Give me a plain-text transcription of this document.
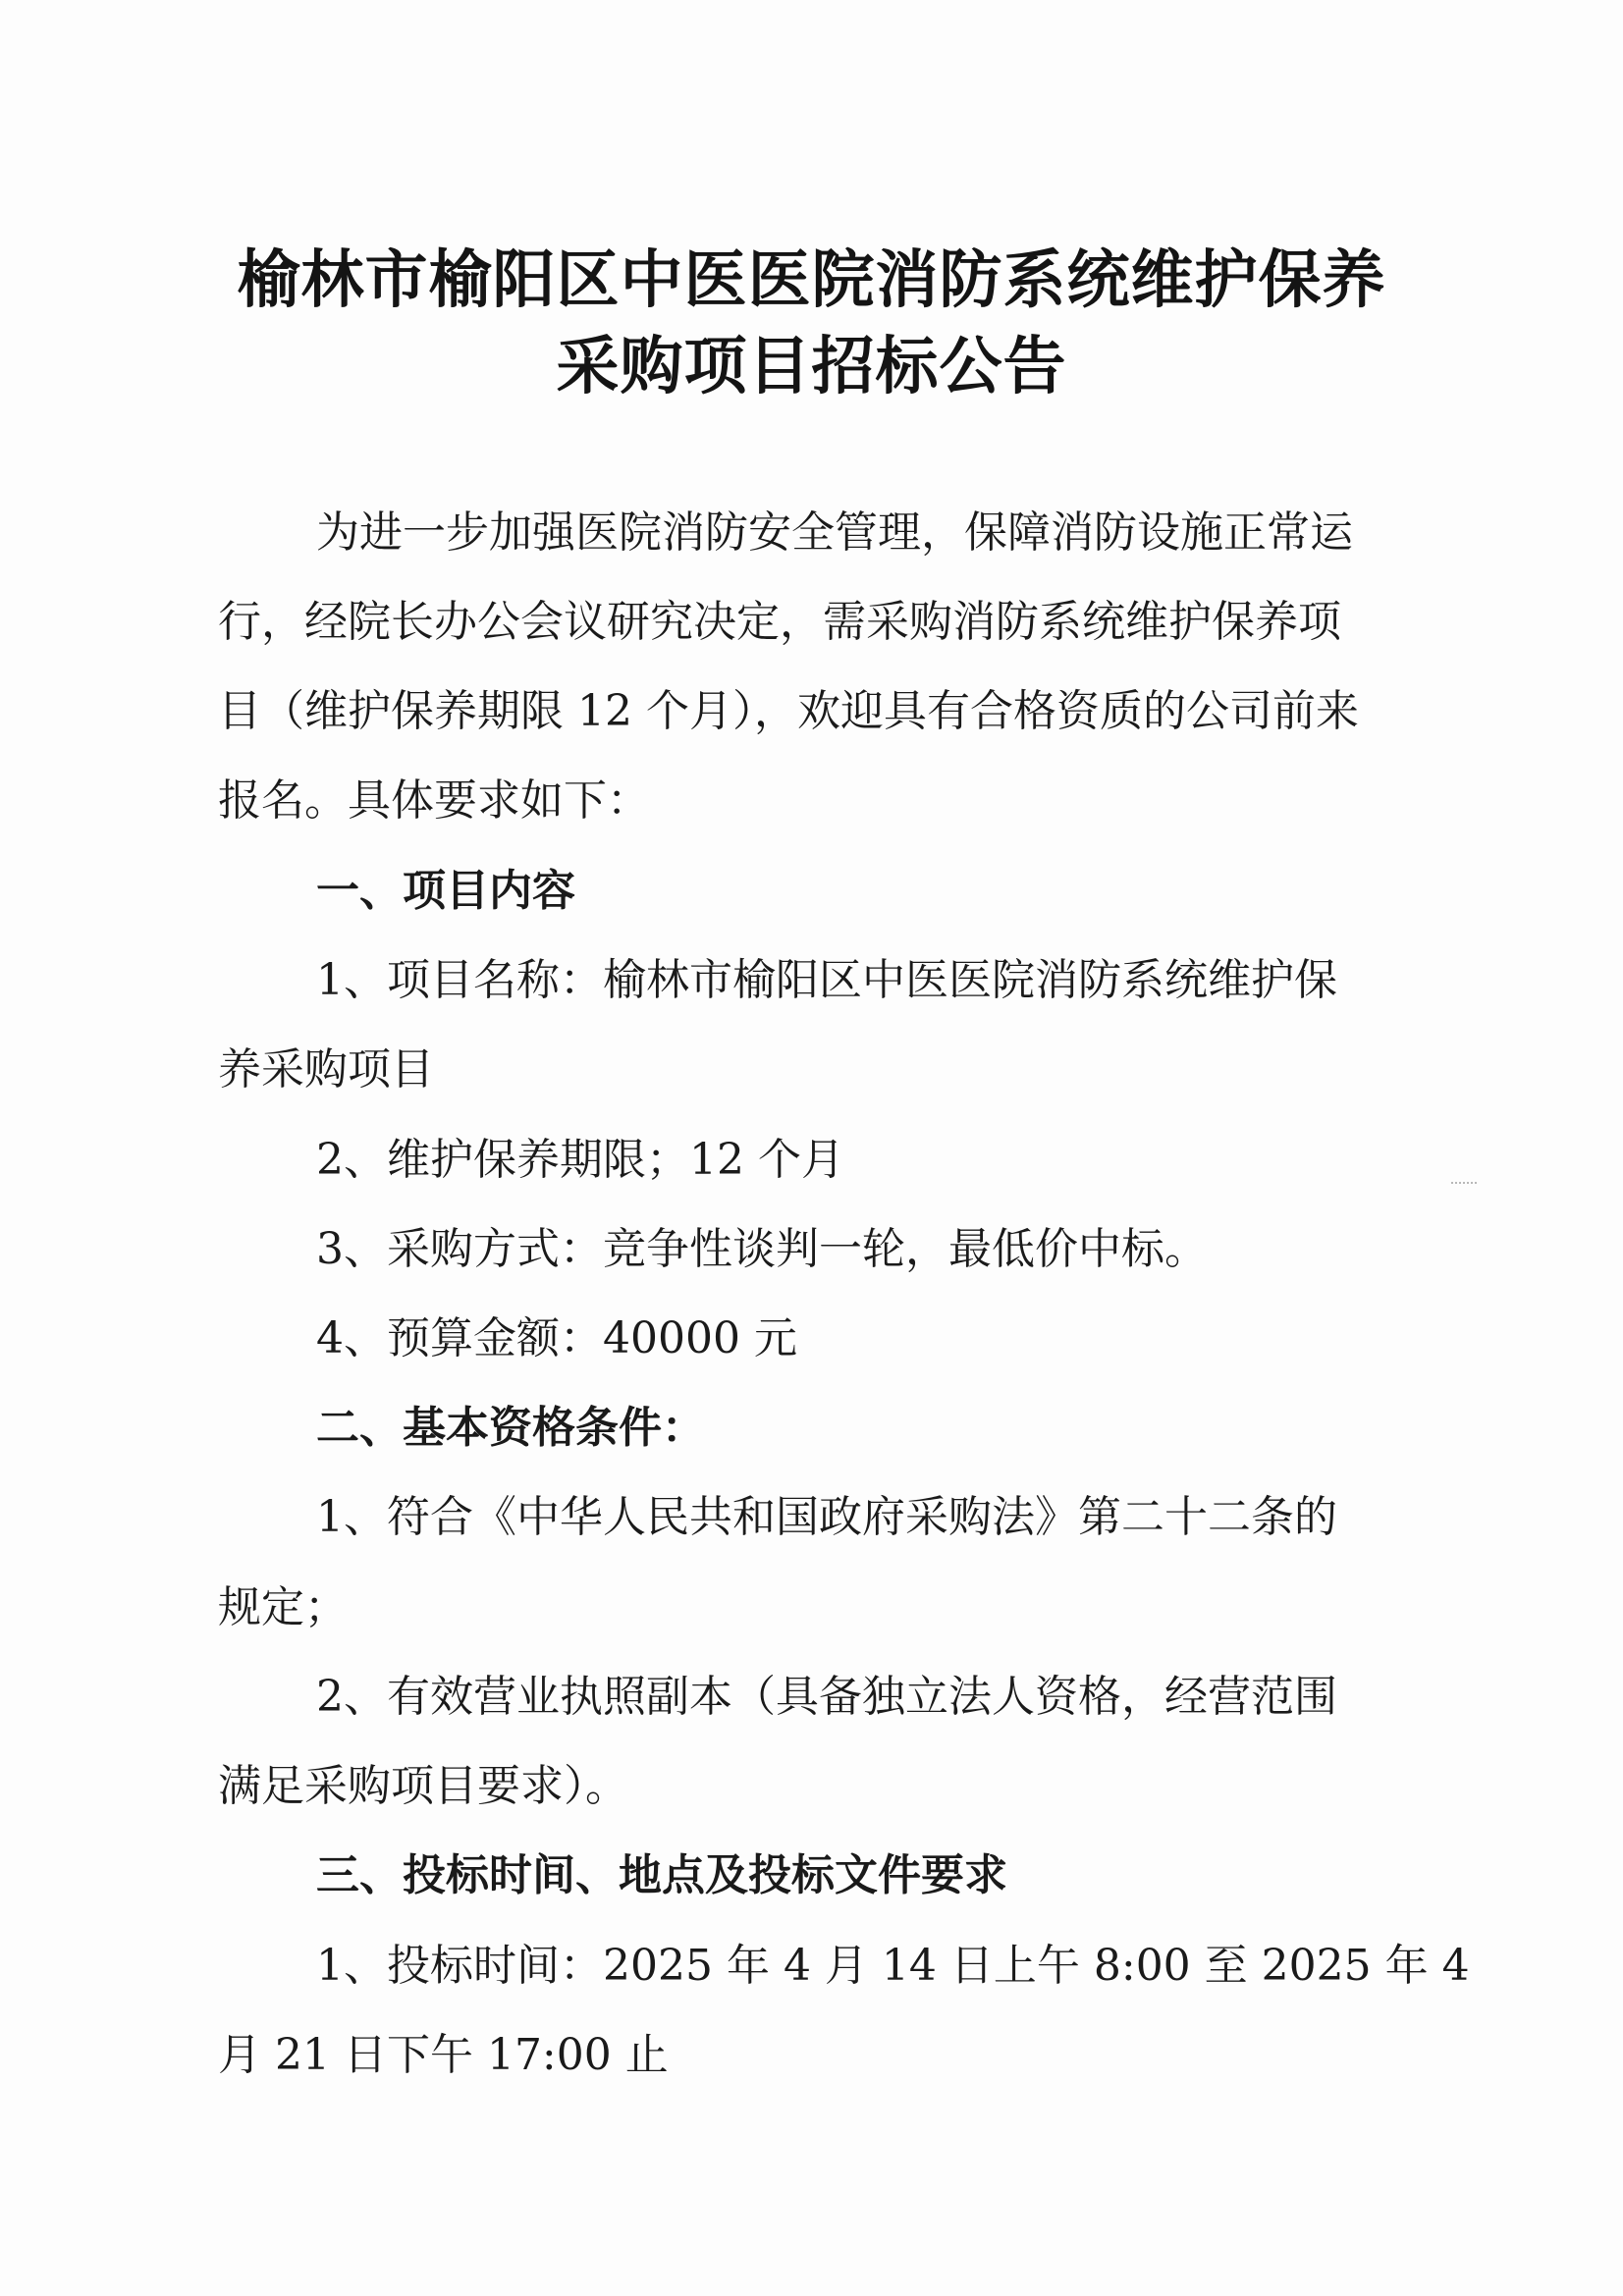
榆林市榆阳区中医医院消防系统维护保养
采购项目招标公告
为进一步加强医院消防安全管理，保障消防设施正常运
行，经院长办公会议研究决定，需采购消防系统维护保养项
目（维护保养期限 12 个月），欢迎具有合格资质的公司前来
报名。具体要求如下：
一、项目内容
1、项目名称：榆林市榆阳区中医医院消防系统维护保
养采购项目
2、维护保养期限；12 个月
3、采购方式：竞争性谈判一轮，最低价中标。
4、预算金额：40000 元
二、基本资格条件：
1、符合《中华人民共和国政府采购法》第二十二条的
规定；
2、有效营业执照副本（具备独立法人资格，经营范围
满足采购项目要求）。
三、投标时间、地点及投标文件要求
1、投标时间：2025 年 4 月 14 日上午 8:00 至 2025 年 4
月 21 日下午 17:00 止
